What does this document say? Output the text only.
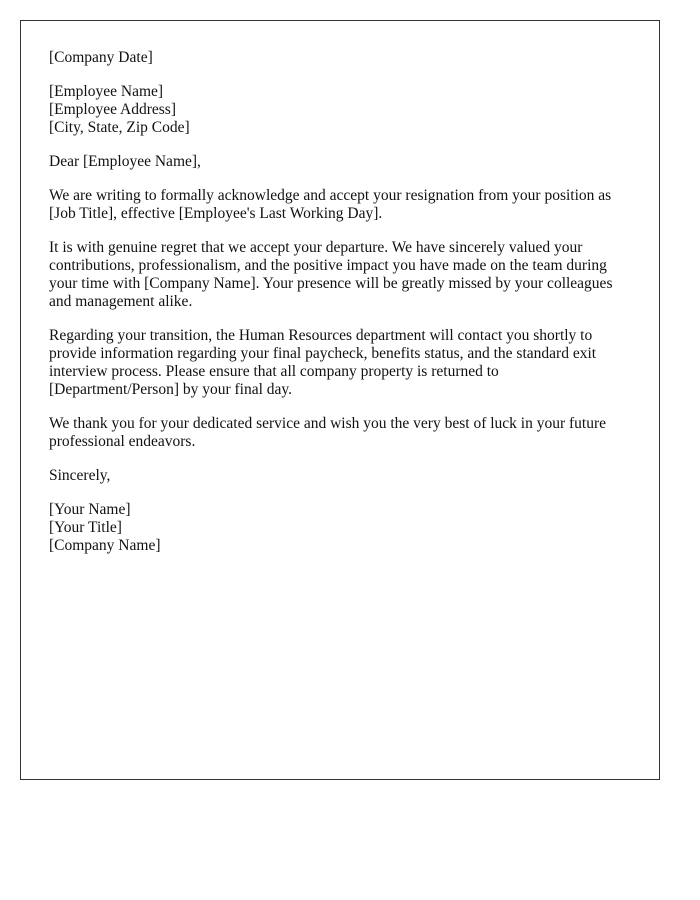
[Company Date]
[Employee Name]
[Employee Address]
[City, State, Zip Code]
Dear [Employee Name],
We are writing to formally acknowledge and accept your resignation from your position as
[Job Title], effective [Employee's Last Working Day].
It is with genuine regret that we accept your departure. We have sincerely valued your
contributions, professionalism, and the positive impact you have made on the team during
your time with [Company Name]. Your presence will be greatly missed by your colleagues
and management alike.
Regarding your transition, the Human Resources department will contact you shortly to
provide information regarding your final paycheck, benefits status, and the standard exit
interview process. Please ensure that all company property is returned to
[Department/Person] by your final day.
We thank you for your dedicated service and wish you the very best of luck in your future
professional endeavors.
Sincerely,
[Your Name]
[Your Title]
[Company Name]
